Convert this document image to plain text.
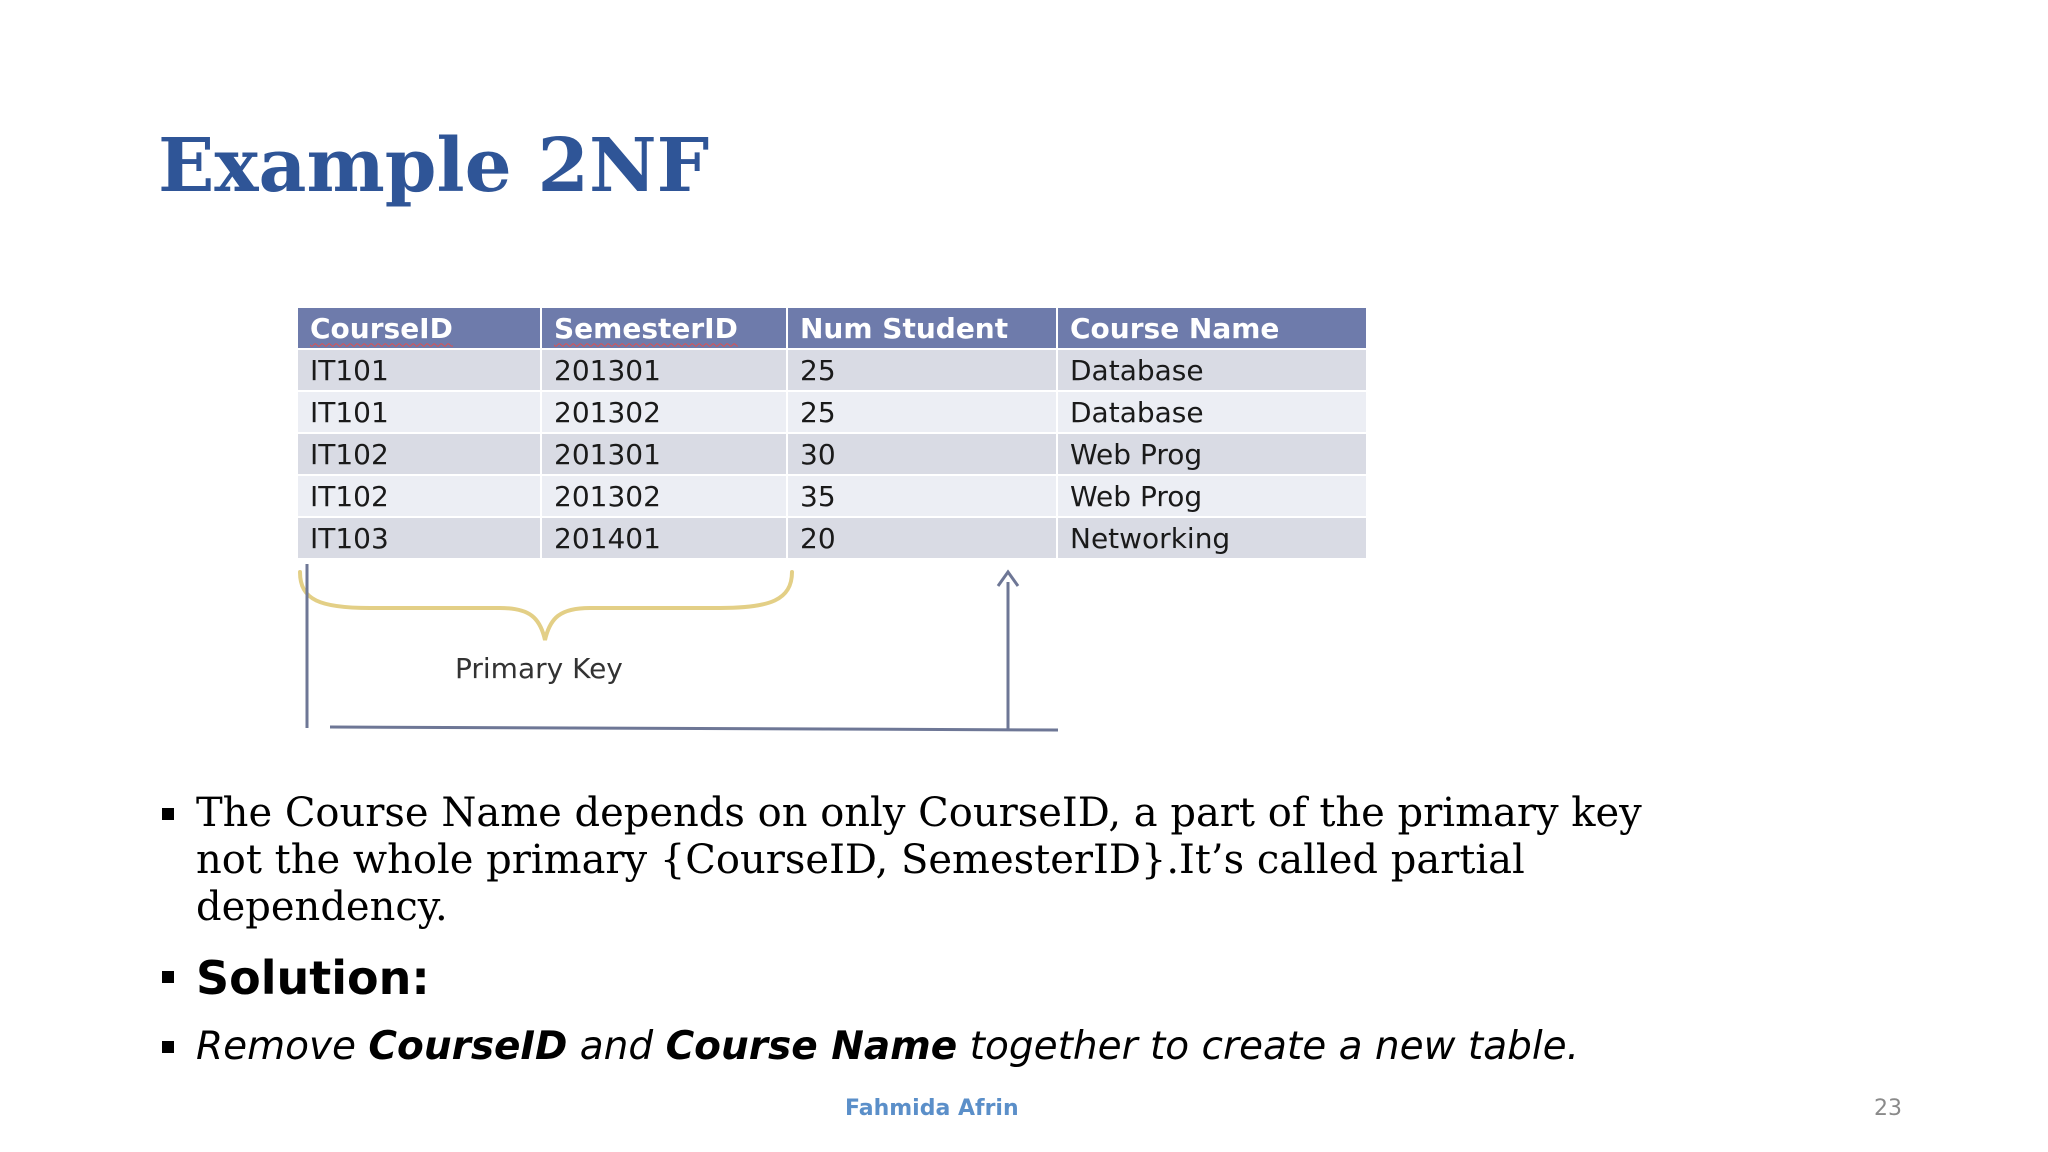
Example 2NF
CourseID	SemesterID	Num Student	Course Name
IT101	201301	25	Database
IT101	201302	25	Database
IT102	201301	30	Web Prog
IT102	201302	35	Web Prog
IT103	201401	20	Networking
Primary Key
The Course Name depends on only CourseID, a part of the primary key
not the whole primary {CourseID, SemesterID}.It’s called partial dependency.
Solution:
Remove CourseID and Course Name together to create a new table.
Fahmida Afrin	23
